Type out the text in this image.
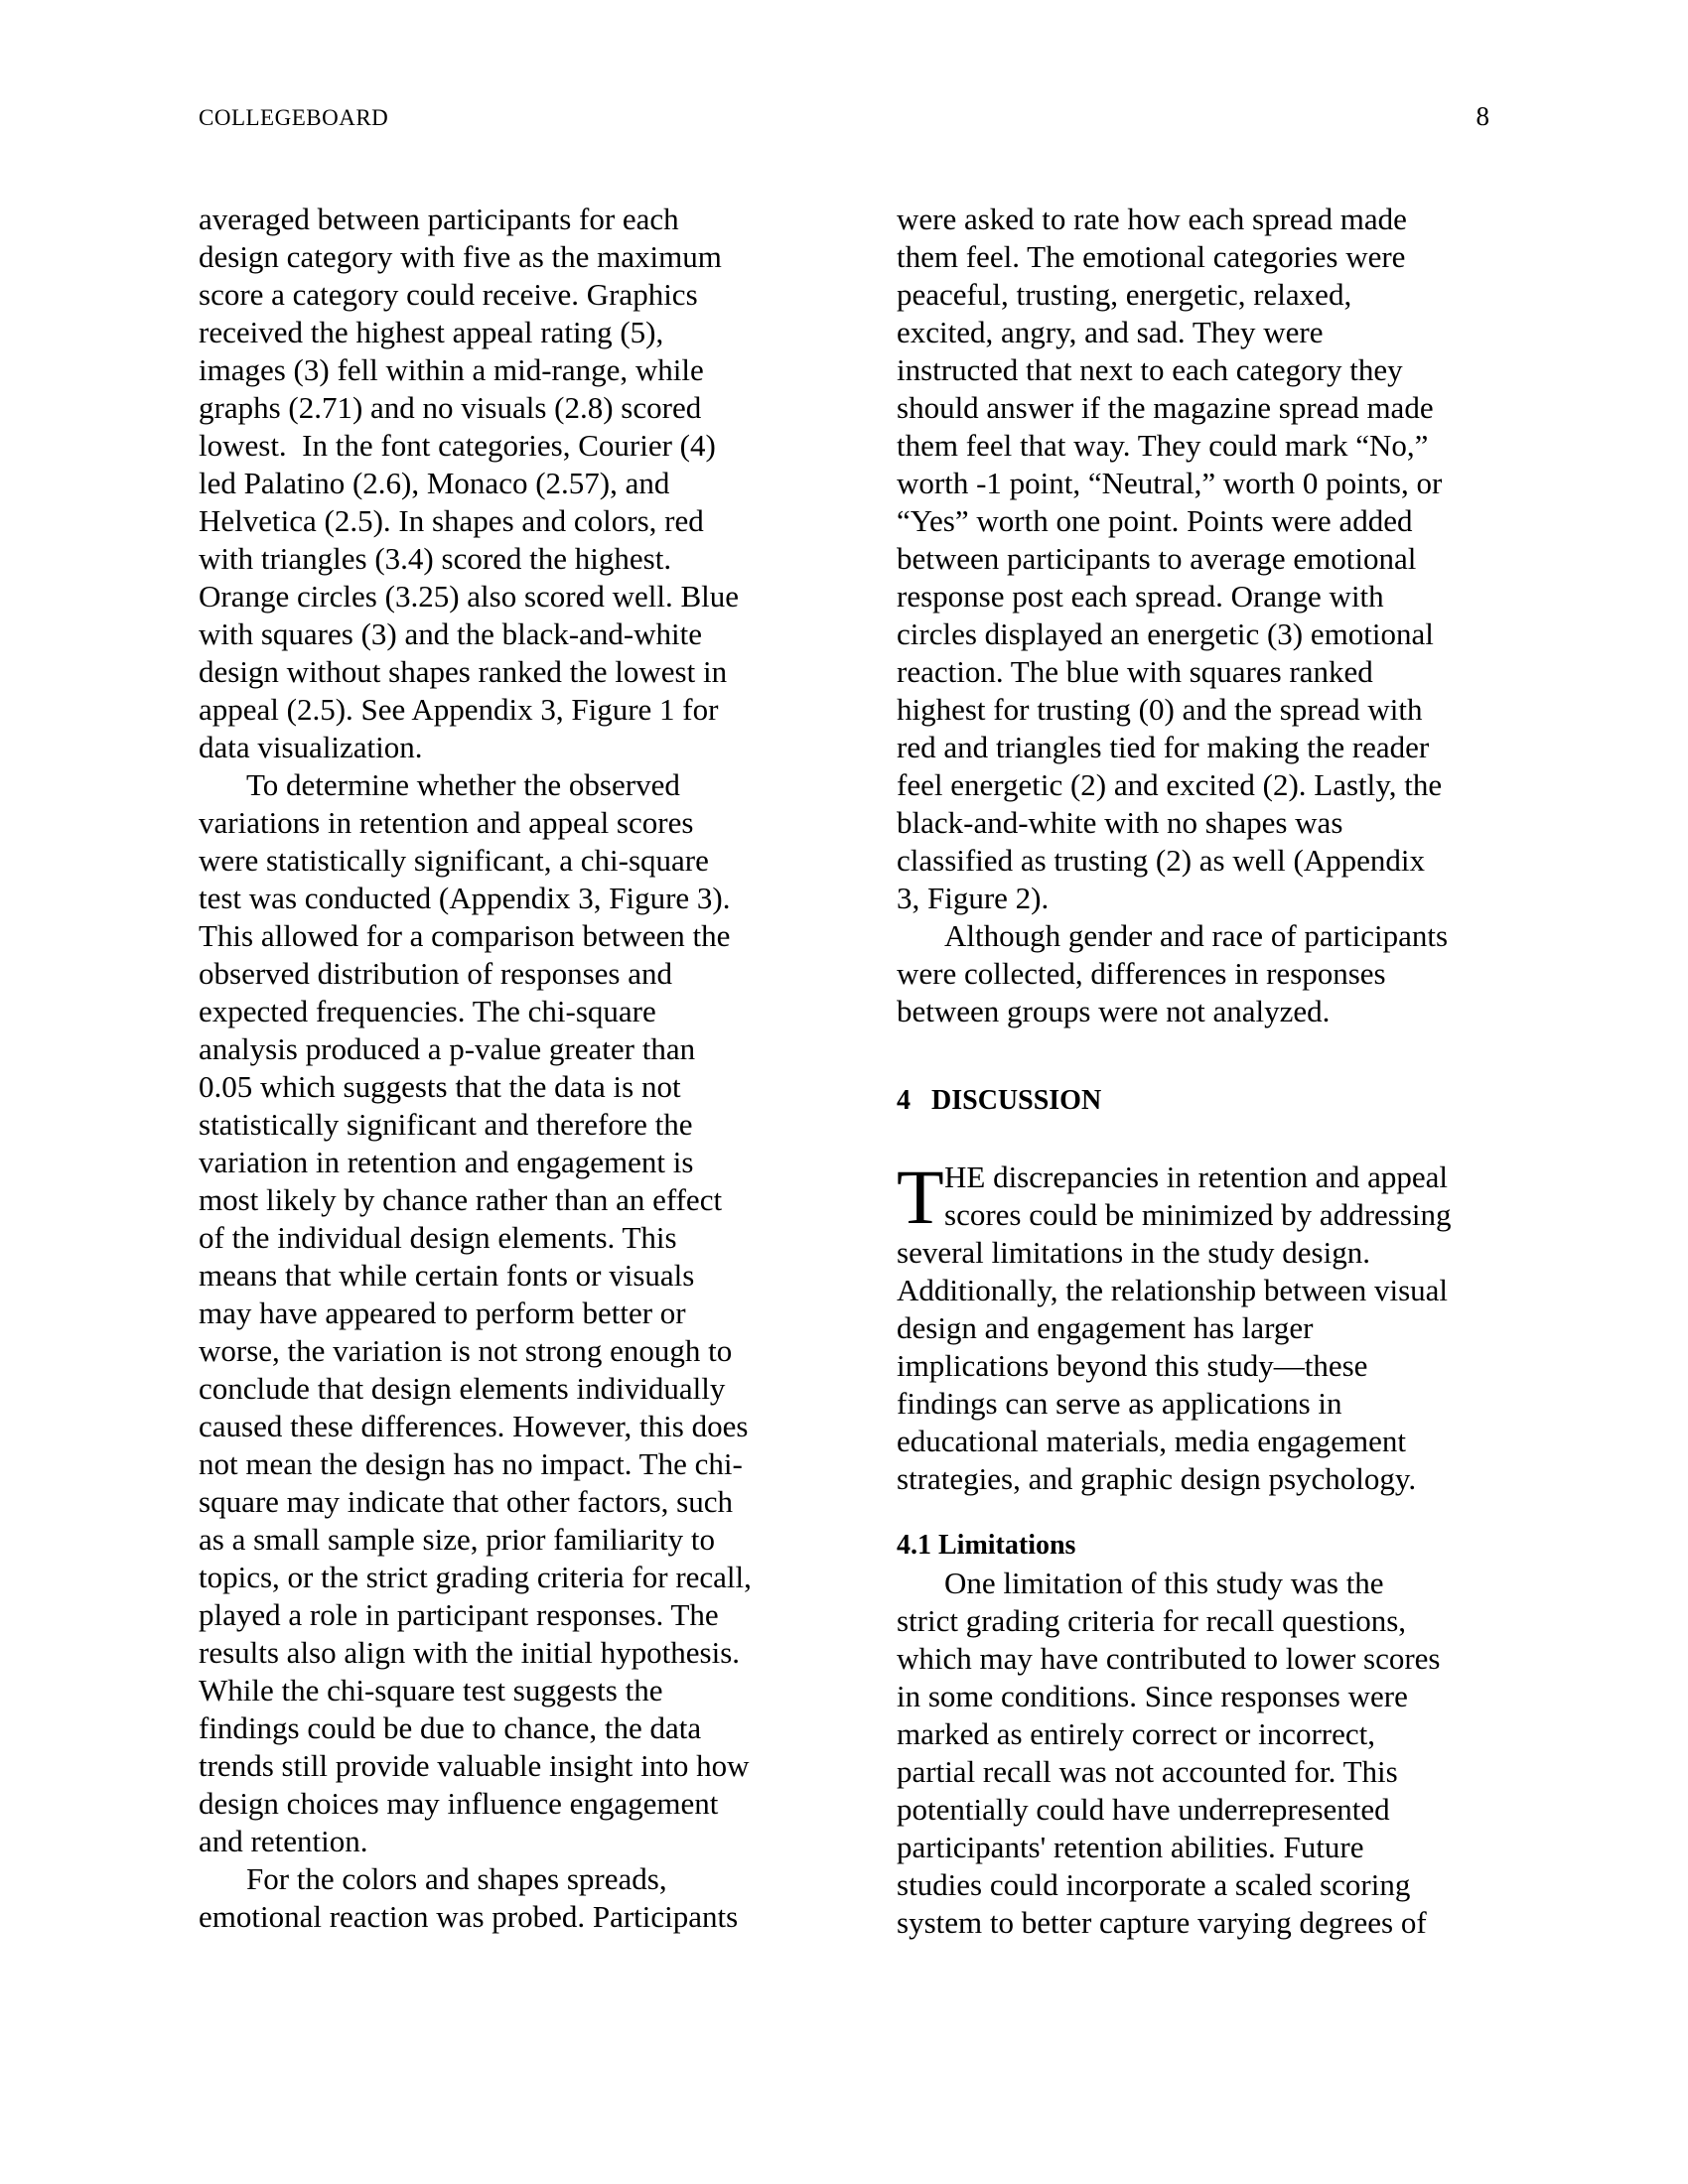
COLLEGEBOARD	8
averaged between participants for each
design category with five as the maximum
score a category could receive. Graphics
received the highest appeal rating (5),
images (3) fell within a mid-range, while
graphs (2.71) and no visuals (2.8) scored
lowest.  In the font categories, Courier (4)
led Palatino (2.6), Monaco (2.57), and
Helvetica (2.5). In shapes and colors, red
with triangles (3.4) scored the highest.
Orange circles (3.25) also scored well. Blue
with squares (3) and the black-and-white
design without shapes ranked the lowest in
appeal (2.5). See Appendix 3, Figure 1 for
data visualization.
To determine whether the observed
variations in retention and appeal scores
were statistically significant, a chi-square
test was conducted (Appendix 3, Figure 3).
This allowed for a comparison between the
observed distribution of responses and
expected frequencies. The chi-square
analysis produced a p-value greater than
0.05 which suggests that the data is not
statistically significant and therefore the
variation in retention and engagement is
most likely by chance rather than an effect
of the individual design elements. This
means that while certain fonts or visuals
may have appeared to perform better or
worse, the variation is not strong enough to
conclude that design elements individually
caused these differences. However, this does
not mean the design has no impact. The chi-
square may indicate that other factors, such
as a small sample size, prior familiarity to
topics, or the strict grading criteria for recall,
played a role in participant responses. The
results also align with the initial hypothesis.
While the chi-square test suggests the
findings could be due to chance, the data
trends still provide valuable insight into how
design choices may influence engagement
and retention.
For the colors and shapes spreads,
emotional reaction was probed. Participants
were asked to rate how each spread made
them feel. The emotional categories were
peaceful, trusting, energetic, relaxed,
excited, angry, and sad. They were
instructed that next to each category they
should answer if the magazine spread made
them feel that way. They could mark “No,”
worth -1 point, “Neutral,” worth 0 points, or
“Yes” worth one point. Points were added
between participants to average emotional
response post each spread. Orange with
circles displayed an energetic (3) emotional
reaction. The blue with squares ranked
highest for trusting (0) and the spread with
red and triangles tied for making the reader
feel energetic (2) and excited (2). Lastly, the
black-and-white with no shapes was
classified as trusting (2) as well (Appendix
3, Figure 2).
Although gender and race of participants
were collected, differences in responses
between groups were not analyzed.
4   DISCUSSION
T HE discrepancies in retention and appeal
scores could be minimized by addressing
several limitations in the study design.
Additionally, the relationship between visual
design and engagement has larger
implications beyond this study—these
findings can serve as applications in
educational materials, media engagement
strategies, and graphic design psychology.
4.1 Limitations
One limitation of this study was the
strict grading criteria for recall questions,
which may have contributed to lower scores
in some conditions. Since responses were
marked as entirely correct or incorrect,
partial recall was not accounted for. This
potentially could have underrepresented
participants' retention abilities. Future
studies could incorporate a scaled scoring
system to better capture varying degrees of
